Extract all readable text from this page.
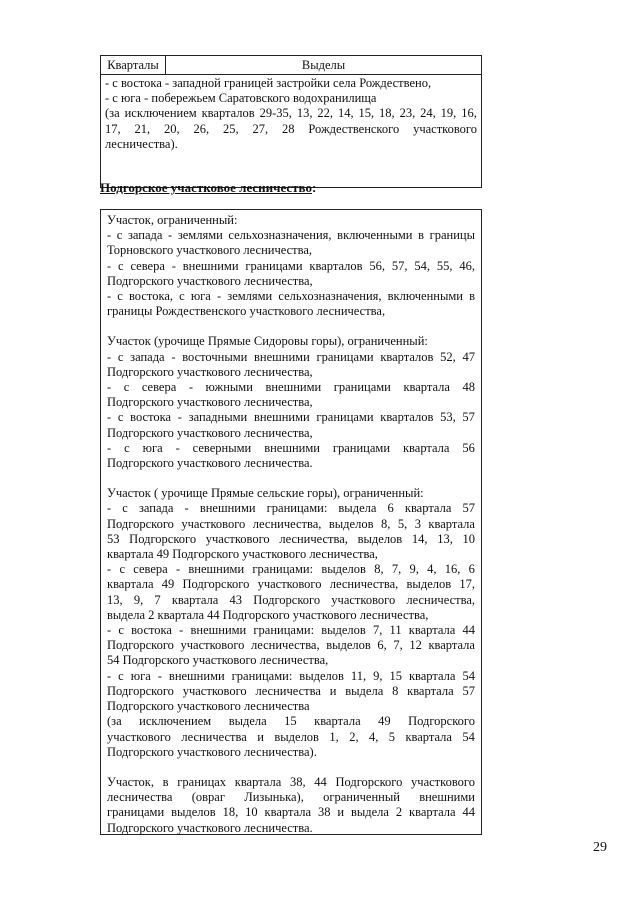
Кварталы	Выделы
- с востока - западной границей застройки села Рождествено,
- с юга - побережьем Саратовского водохранилища
(за исключением кварталов 29-35, 13, 22, 14, 15, 18, 23, 24, 19, 16,
17, 21, 20, 26, 25, 27, 28 Рождественского участкового
лесничества).
Подгорское участковое лесничество:
Участок, ограниченный:
- с запада - землями сельхозназначения, включенными в границы
Торновского участкового лесничества,
- с севера - внешними границами кварталов 56, 57, 54, 55, 46,
Подгорского участкового лесничества,
- с востока, с юга - землями сельхозназначения, включенными в
границы Рождественского участкового лесничества,
Участок (урочище Прямые Сидоровы горы), ограниченный:
- с запада - восточными внешними границами кварталов 52, 47
Подгорского участкового лесничества,
- с севера - южными внешними границами квартала 48
Подгорского участкового лесничества,
- с востока - западными внешними границами кварталов 53, 57
Подгорского участкового лесничества,
- с юга - северными внешними границами квартала 56
Подгорского участкового лесничества.
Участок ( урочище Прямые сельские горы), ограниченный:
- с запада - внешними границами: выдела 6 квартала 57
Подгорского участкового лесничества, выделов 8, 5, 3 квартала
53 Подгорского участкового лесничества, выделов 14, 13, 10
квартала 49 Подгорского участкового лесничества,
- с севера - внешними границами: выделов 8, 7, 9, 4, 16, 6
квартала 49 Подгорского участкового лесничества, выделов 17,
13, 9, 7 квартала 43 Подгорского участкового лесничества,
выдела 2 квартала 44 Подгорского участкового лесничества,
- с востока - внешними границами: выделов 7, 11 квартала 44
Подгорского участкового лесничества, выделов 6, 7, 12 квартала
54 Подгорского участкового лесничества,
- с юга - внешними границами: выделов 11, 9, 15 квартала 54
Подгорского участкового лесничества и выдела 8 квартала 57
Подгорского участкового лесничества
(за исключением выдела 15 квартала 49 Подгорского
участкового лесничества и выделов 1, 2, 4, 5 квартала 54
Подгорского участкового лесничества).
Участок, в границах квартала 38, 44 Подгорского участкового
лесничества (овраг Лизынька), ограниченный внешними
границами выделов 18, 10 квартала 38 и выдела 2 квартала 44
Подгорского участкового лесничества.
29
